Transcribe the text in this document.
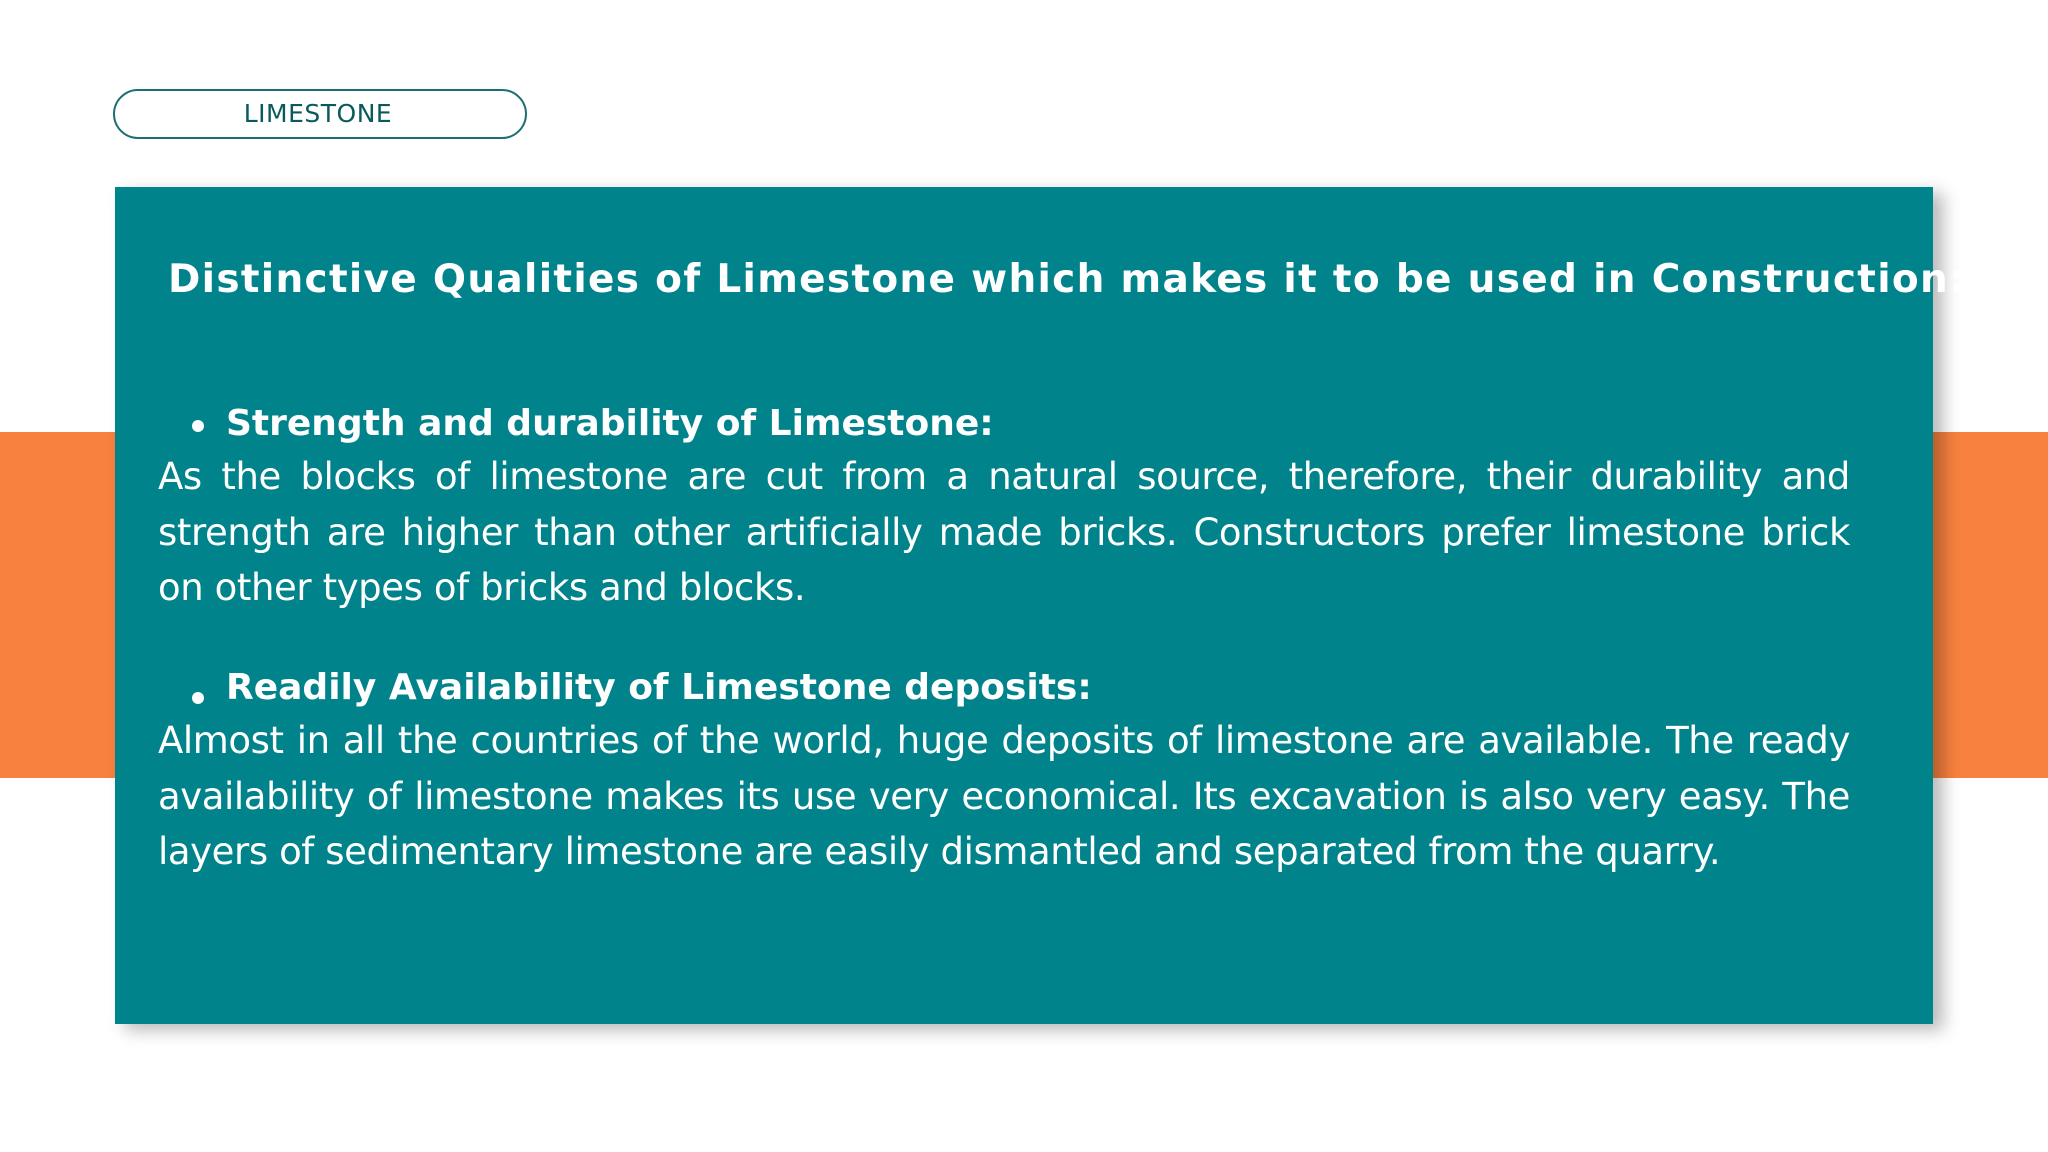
LIMESTONE
Distinctive Qualities of Limestone which makes it to be used in Construction:
Strength and durability of Limestone:

As the blocks of limestone are cut from a natural source, therefore, their durability and strength are higher than other artificially made bricks. Constructors prefer limestone brick on other types of bricks and blocks.

Readily Availability of Limestone deposits:

Almost in all the countries of the world, huge deposits of limestone are available. The ready availability of limestone makes its use very economical. Its excavation is also very easy. The layers of sedimentary limestone are easily dismantled and separated from the quarry.
